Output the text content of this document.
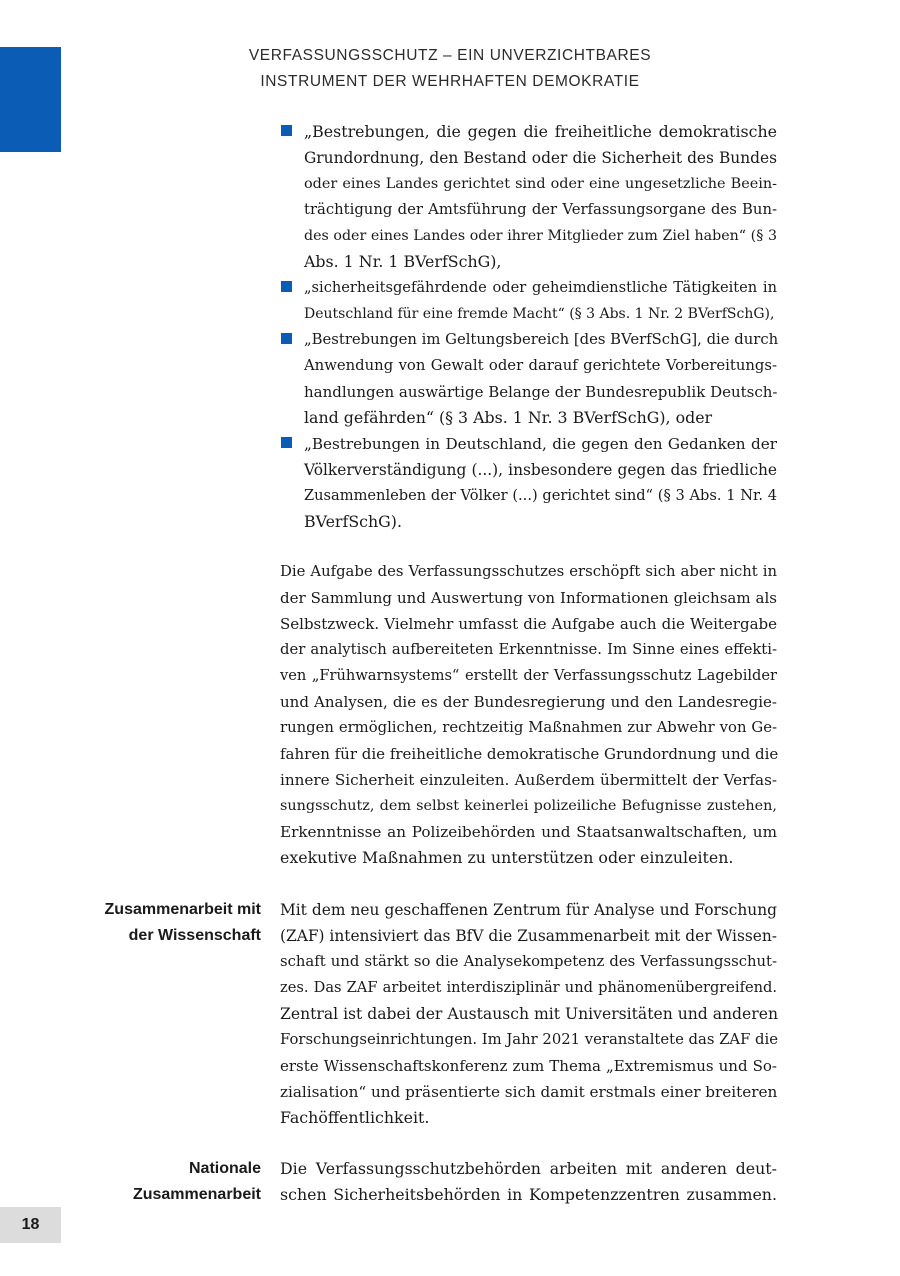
VERFASSUNGSSCHUTZ – EIN UNVERZICHTBARES
INSTRUMENT DER WEHRHAFTEN DEMOKRATIE
„Bestrebungen, die gegen die freiheitliche demokratische
Grundordnung, den Bestand oder die Sicherheit des Bundes
oder eines Landes gerichtet sind oder eine ungesetzliche Beein-
trächtigung der Amtsführung der Verfassungsorgane des Bun-
des oder eines Landes oder ihrer Mitglieder zum Ziel haben“ (§ 3
Abs. 1 Nr. 1 BVerfSchG),
„sicherheitsgefährdende oder geheimdienstliche Tätigkeiten in
Deutschland für eine fremde Macht“ (§ 3 Abs. 1 Nr. 2 BVerfSchG),
„Bestrebungen im Geltungsbereich [des BVerfSchG], die durch
Anwendung von Gewalt oder darauf gerichtete Vorbereitungs-
handlungen auswärtige Belange der Bundesrepublik Deutsch-
land gefährden“ (§ 3 Abs. 1 Nr. 3 BVerfSchG), oder
„Bestrebungen in Deutschland, die gegen den Gedanken der
Völkerverständigung (...), insbesondere gegen das friedliche
Zusammenleben der Völker (...) gerichtet sind“ (§ 3 Abs. 1 Nr. 4
BVerfSchG).
Die Aufgabe des Verfassungsschutzes erschöpft sich aber nicht in
der Sammlung und Auswertung von Informationen gleichsam als
Selbstzweck. Vielmehr umfasst die Aufgabe auch die Weitergabe
der analytisch aufbereiteten Erkenntnisse. Im Sinne eines effekti-
ven „Frühwarnsystems“ erstellt der Verfassungsschutz Lagebilder
und Analysen, die es der Bundesregierung und den Landesregie-
rungen ermöglichen, rechtzeitig Maßnahmen zur Abwehr von Ge-
fahren für die freiheitliche demokratische Grundordnung und die
innere Sicherheit einzuleiten. Außerdem übermittelt der Verfas-
sungsschutz, dem selbst keinerlei polizeiliche Befugnisse zustehen,
Erkenntnisse an Polizeibehörden und Staatsanwaltschaften, um
exekutive Maßnahmen zu unterstützen oder einzuleiten.
Zusammenarbeit mit
der Wissenschaft
Mit dem neu geschaffenen Zentrum für Analyse und Forschung
(ZAF) intensiviert das BfV die Zusammenarbeit mit der Wissen-
schaft und stärkt so die Analysekompetenz des Verfassungsschut-
zes. Das ZAF arbeitet interdisziplinär und phänomenübergreifend.
Zentral ist dabei der Austausch mit Universitäten und anderen
Forschungseinrichtungen. Im Jahr 2021 veranstaltete das ZAF die
erste Wissenschaftskonferenz zum Thema „Extremismus und So-
zialisation“ und präsentierte sich damit erstmals einer breiteren
Fachöffentlichkeit.
Nationale
Zusammenarbeit
Die Verfassungsschutzbehörden arbeiten mit anderen deut-
schen Sicherheitsbehörden in Kompetenzzentren zusammen.
18
